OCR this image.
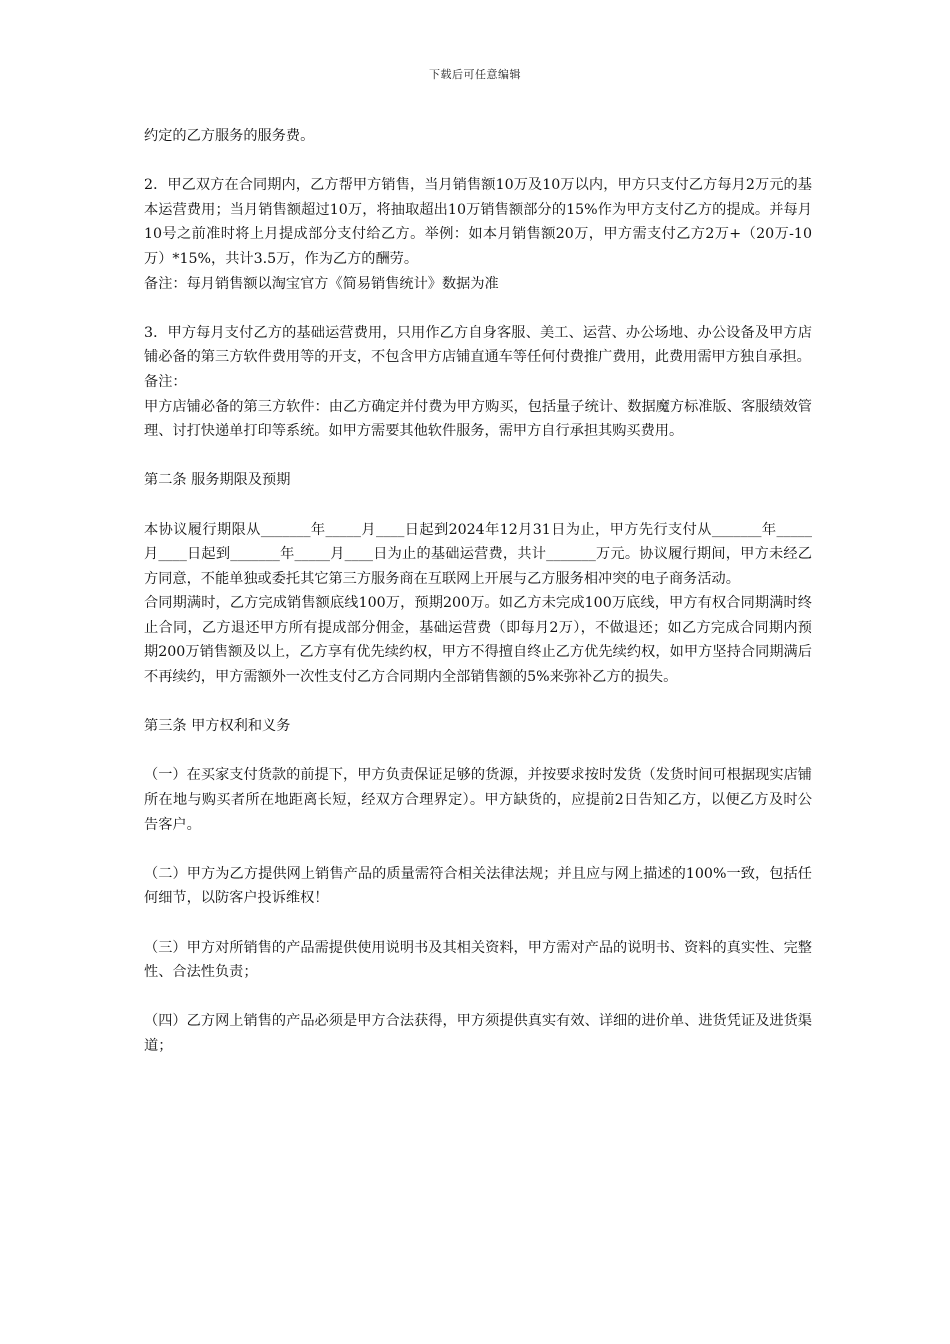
下载后可任意编辑

约定的乙方服务的服务费。

2．甲乙双方在合同期内，乙方帮甲方销售，当月销售额10万及10万以内，甲方只支付乙方每月2万元的基本运营费用；当月销售额超过10万，将抽取超出10万销售额部分的15%作为甲方支付乙方的提成。并每月10号之前准时将上月提成部分支付给乙方。举例：如本月销售额20万，甲方需支付乙方2万+（20万-10万）*15%，共计3.5万，作为乙方的酬劳。

备注：每月销售额以淘宝官方《简易销售统计》数据为准

3．甲方每月支付乙方的基础运营费用，只用作乙方自身客服、美工、运营、办公场地、办公设备及甲方店铺必备的第三方软件费用等的开支，不包含甲方店铺直通车等任何付费推广费用，此费用需甲方独自承担。

备注：

甲方店铺必备的第三方软件：由乙方确定并付费为甲方购买，包括量子统计、数据魔方标准版、客服绩效管理、讨打快递单打印等系统。如甲方需要其他软件服务，需甲方自行承担其购买费用。

第二条 服务期限及预期

本协议履行期限从_______年_____月____日起到2024年12月31日为止，甲方先行支付从_______年_____月____日起到_______年_____月____日为止的基础运营费，共计_______万元。协议履行期间，甲方未经乙方同意，不能单独或委托其它第三方服务商在互联网上开展与乙方服务相冲突的电子商务活动。

合同期满时，乙方完成销售额底线100万，预期200万。如乙方未完成100万底线，甲方有权合同期满时终止合同，乙方退还甲方所有提成部分佣金，基础运营费（即每月2万），不做退还；如乙方完成合同期内预期200万销售额及以上，乙方享有优先续约权，甲方不得擅自终止乙方优先续约权，如甲方坚持合同期满后不再续约，甲方需额外一次性支付乙方合同期内全部销售额的5%来弥补乙方的损失。

第三条 甲方权利和义务

（一）在买家支付货款的前提下，甲方负责保证足够的货源，并按要求按时发货（发货时间可根据现实店铺所在地与购买者所在地距离长短，经双方合理界定）。甲方缺货的，应提前2日告知乙方，以便乙方及时公告客户。

（二）甲方为乙方提供网上销售产品的质量需符合相关法律法规；并且应与网上描述的100%一致，包括任何细节，以防客户投诉维权！

（三）甲方对所销售的产品需提供使用说明书及其相关资料，甲方需对产品的说明书、资料的真实性、完整性、合法性负责；

（四）乙方网上销售的产品必须是甲方合法获得，甲方须提供真实有效、详细的进价单、进货凭证及进货渠道；
